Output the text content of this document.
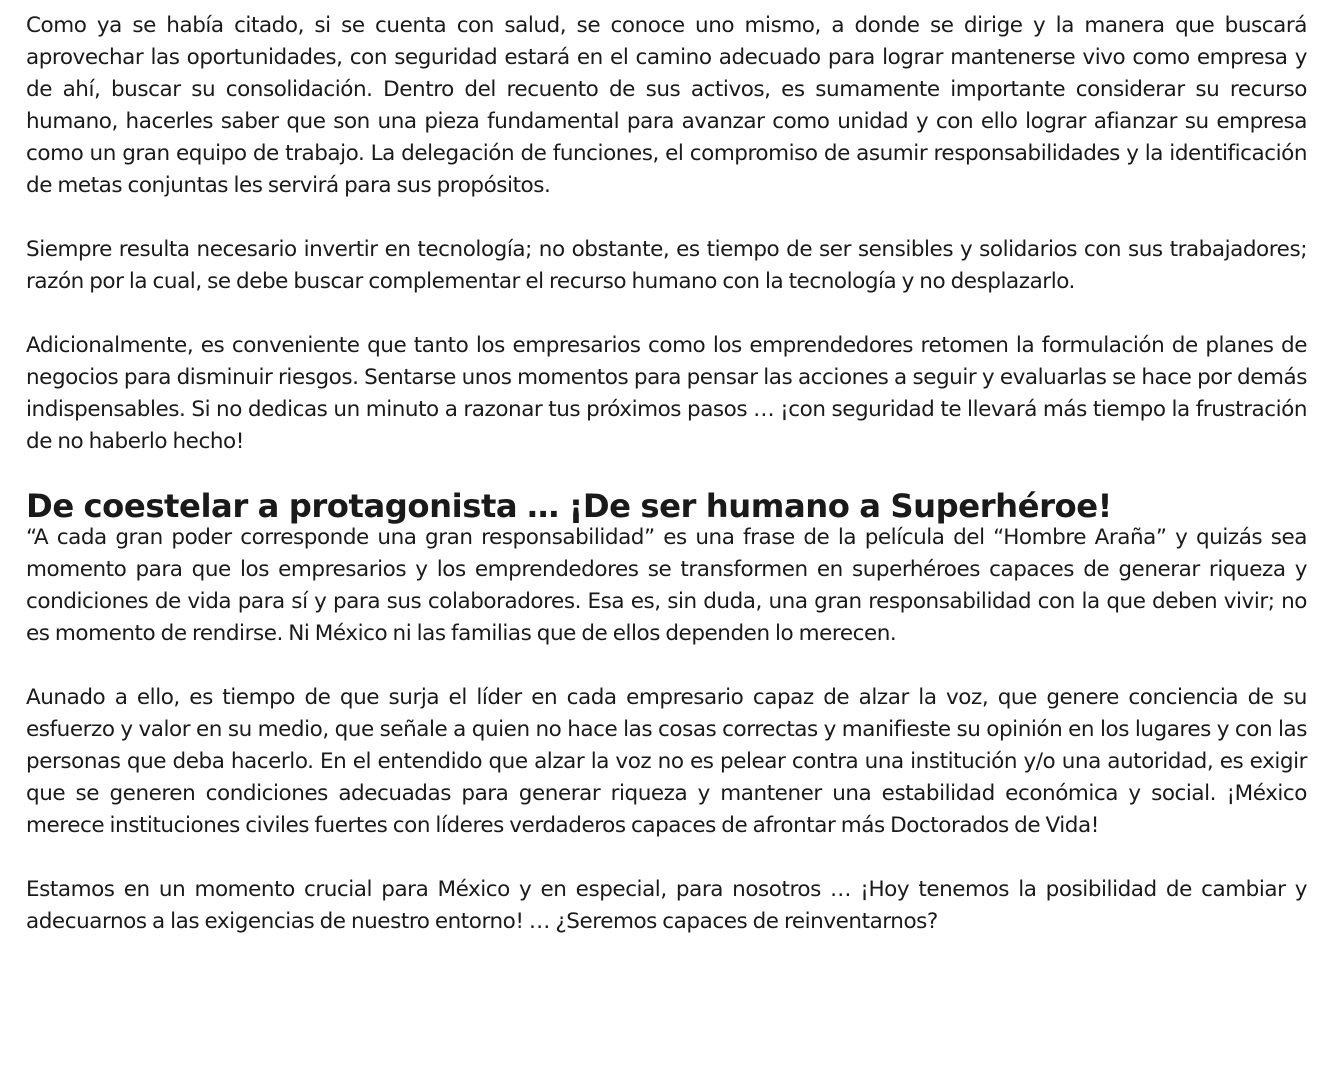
Como ya se había citado, si se cuenta con salud, se conoce uno mismo, a donde se dirige y la manera que buscará aprovechar las oportunidades, con seguridad estará en el camino adecuado para lograr mantenerse vivo como empresa y de ahí, buscar su consolidación. Dentro del recuento de sus activos, es sumamente importante considerar su recurso humano, hacerles saber que son una pieza fundamental para avanzar como unidad y con ello lograr afianzar su empresa como un gran equipo de trabajo. La delegación de funciones, el compromiso de asumir responsabilidades y la identificación de metas conjuntas les servirá para sus propósitos.

Siempre resulta necesario invertir en tecnología; no obstante, es tiempo de ser sensibles y solidarios con sus trabajadores; razón por la cual, se debe buscar complementar el recurso humano con la tecnología y no desplazarlo.

Adicionalmente, es conveniente que tanto los empresarios como los emprendedores retomen la formulación de planes de negocios para disminuir riesgos. Sentarse unos momentos para pensar las acciones a seguir y evaluarlas se hace por demás indispensables. Si no dedicas un minuto a razonar tus próximos pasos … ¡con seguridad te llevará más tiempo la frustración de no haberlo hecho!

De coestelar a protagonista … ¡De ser humano a Superhéroe!

“A cada gran poder corresponde una gran responsabilidad” es una frase de la película del “Hombre Araña” y quizás sea momento para que los empresarios y los emprendedores se transformen en superhéroes capaces de generar riqueza y condiciones de vida para sí y para sus colaboradores. Esa es, sin duda, una gran responsabilidad con la que deben vivir; no es momento de rendirse. Ni México ni las familias que de ellos dependen lo merecen.

Aunado a ello, es tiempo de que surja el líder en cada empresario capaz de alzar la voz, que genere conciencia de su esfuerzo y valor en su medio, que señale a quien no hace las cosas correctas y manifieste su opinión en los lugares y con las personas que deba hacerlo. En el entendido que alzar la voz no es pelear contra una institución y/o una autoridad, es exigir que se generen condiciones adecuadas para generar riqueza y mantener una estabilidad económica y social. ¡México merece instituciones civiles fuertes con líderes verdaderos capaces de afrontar más Doctorados de Vida!

Estamos en un momento crucial para México y en especial, para nosotros … ¡Hoy tenemos la posibilidad de cambiar y adecuarnos a las exigencias de nuestro entorno! … ¿Seremos capaces de reinventarnos?
